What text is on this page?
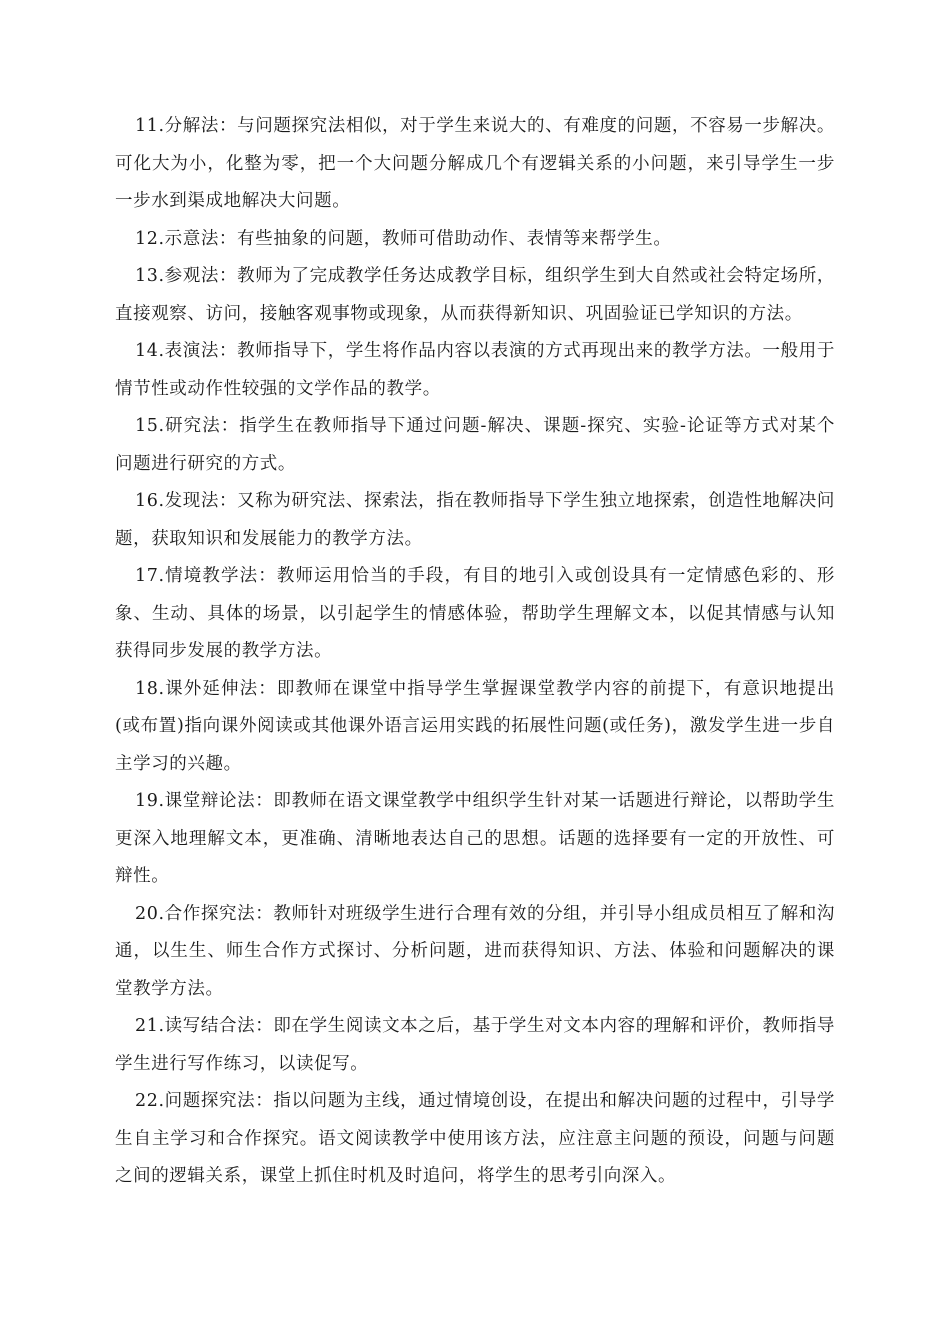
11.分解法：与问题探究法相似，对于学生来说大的、有难度的问题，不容易一步解决。可化大为小，化整为零，把一个大问题分解成几个有逻辑关系的小问题，来引导学生一步一步水到渠成地解决大问题。

12.示意法：有些抽象的问题，教师可借助动作、表情等来帮学生。

13.参观法：教师为了完成教学任务达成教学目标，组织学生到大自然或社会特定场所，直接观察、访问，接触客观事物或现象，从而获得新知识、巩固验证已学知识的方法。

14.表演法：教师指导下，学生将作品内容以表演的方式再现出来的教学方法。一般用于情节性或动作性较强的文学作品的教学。

15.研究法：指学生在教师指导下通过问题-解决、课题-探究、实验-论证等方式对某个问题进行研究的方式。

16.发现法：又称为研究法、探索法，指在教师指导下学生独立地探索，创造性地解决问题，获取知识和发展能力的教学方法。

17.情境教学法：教师运用恰当的手段，有目的地引入或创设具有一定情感色彩的、形象、生动、具体的场景，以引起学生的情感体验，帮助学生理解文本，以促其情感与认知获得同步发展的教学方法。

18.课外延伸法：即教师在课堂中指导学生掌握课堂教学内容的前提下，有意识地提出(或布置)指向课外阅读或其他课外语言运用实践的拓展性问题(或任务)，激发学生进一步自主学习的兴趣。

19.课堂辩论法：即教师在语文课堂教学中组织学生针对某一话题进行辩论，以帮助学生更深入地理解文本，更准确、清晰地表达自己的思想。话题的选择要有一定的开放性、可辩性。

20.合作探究法：教师针对班级学生进行合理有效的分组，并引导小组成员相互了解和沟通，以生生、师生合作方式探讨、分析问题，进而获得知识、方法、体验和问题解决的课堂教学方法。

21.读写结合法：即在学生阅读文本之后，基于学生对文本内容的理解和评价，教师指导学生进行写作练习，以读促写。

22.问题探究法：指以问题为主线，通过情境创设，在提出和解决问题的过程中，引导学生自主学习和合作探究。语文阅读教学中使用该方法，应注意主问题的预设，问题与问题之间的逻辑关系，课堂上抓住时机及时追问，将学生的思考引向深入。
